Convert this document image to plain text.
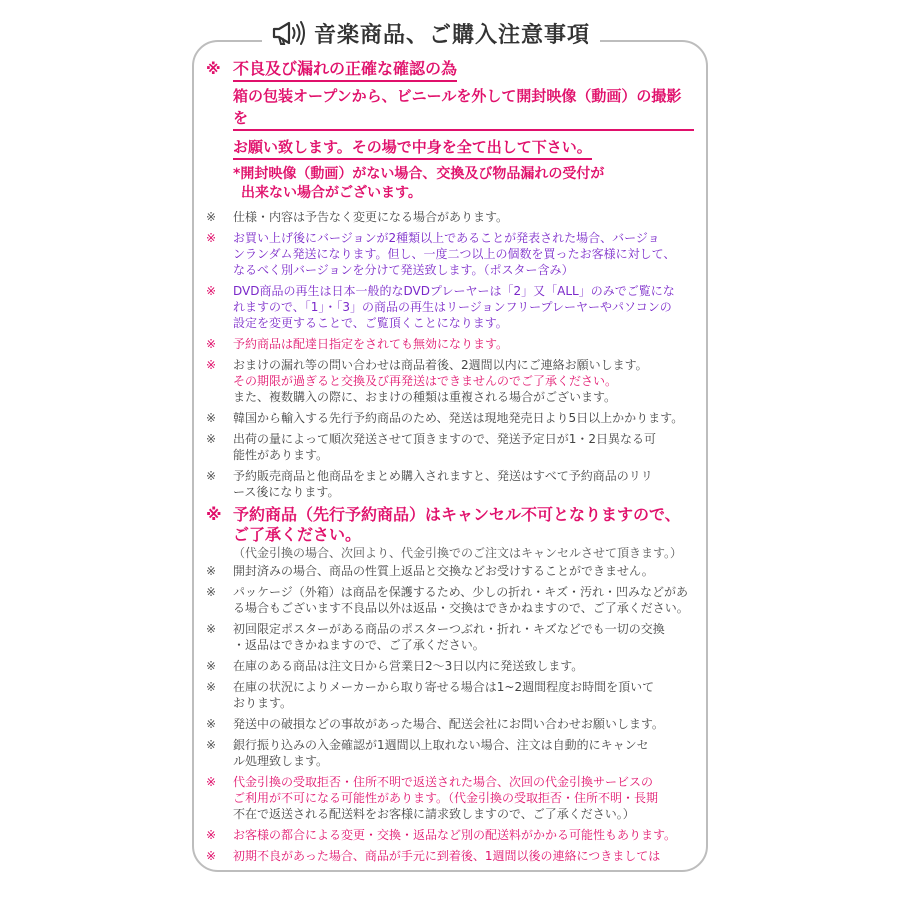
音楽商品、ご購入注意事項
※ 不良及び漏れの正確な確認の為
箱の包装オープンから、ビニールを外して開封映像（動画）の撮影を
お願い致します。その場で中身を全て出して下さい。
*開封映像（動画）がない場合、交換及び物品漏れの受付が
出来ない場合がございます。
※ 仕様・内容は予告なく変更になる場合があります。
※ お買い上げ後にバージョンが2種類以上であることが発表された場合、バージョ
ンランダム発送になります。但し、一度二つ以上の個数を買ったお客様に対して、
なるべく別バージョンを分けて発送致します。（ポスター含み）
※ DVD商品の再生は日本一般的なDVDプレーヤーは「2」又「ALL」のみでご覧にな
れますので、「1」・「3」の商品の再生はリージョンフリープレーヤーやパソコンの
設定を変更することで、ご覧頂くことになります。
※ 予約商品は配達日指定をされても無効になります。
※ おまけの漏れ等の問い合わせは商品着後、2週間以内にご連絡お願いします。
その期限が過ぎると交換及び再発送はできませんのでご了承ください。
また、複数購入の際に、おまけの種類は重複される場合がございます。
※ 韓国から輸入する先行予約商品のため、発送は現地発売日より5日以上かかります。
※ 出荷の量によって順次発送させて頂きますので、発送予定日が1・2日異なる可
能性があります。
※ 予約販売商品と他商品をまとめ購入されますと、発送はすべて予約商品のリリ
ース後になります。
※ 予約商品（先行予約商品）はキャンセル不可となりますので、
ご了承ください。
（代金引換の場合、次回より、代金引換でのご注文はキャンセルさせて頂きます。）
※ 開封済みの場合、商品の性質上返品と交換などお受けすることができません。
※ パッケージ（外箱）は商品を保護するため、少しの折れ・キズ・汚れ・凹みなどがあ
る場合もございます不良品以外は返品・交換はできかねますので、ご了承ください。
※ 初回限定ポスターがある商品のポスターつぶれ・折れ・キズなどでも一切の交換
・返品はできかねますので、ご了承ください。
※ 在庫のある商品は注文日から営業日2〜3日以内に発送致します。
※ 在庫の状況によりメーカーから取り寄せる場合は1~2週間程度お時間を頂いて
おります。
※ 発送中の破損などの事故があった場合、配送会社にお問い合わせお願いします。
※ 銀行振り込みの入金確認が1週間以上取れない場合、注文は自動的にキャンセ
ル処理致します。
※ 代金引換の受取拒否・住所不明で返送された場合、次回の代金引換サービスの
ご利用が不可になる可能性があります。（代金引換の受取拒否・住所不明・長期
不在で返送される配送料をお客様に請求致しますので、ご了承ください。）
※ お客様の都合による変更・交換・返品など別の配送料がかかる可能性もあります。
※ 初期不良があった場合、商品が手元に到着後、1週間以後の連絡につきましては
